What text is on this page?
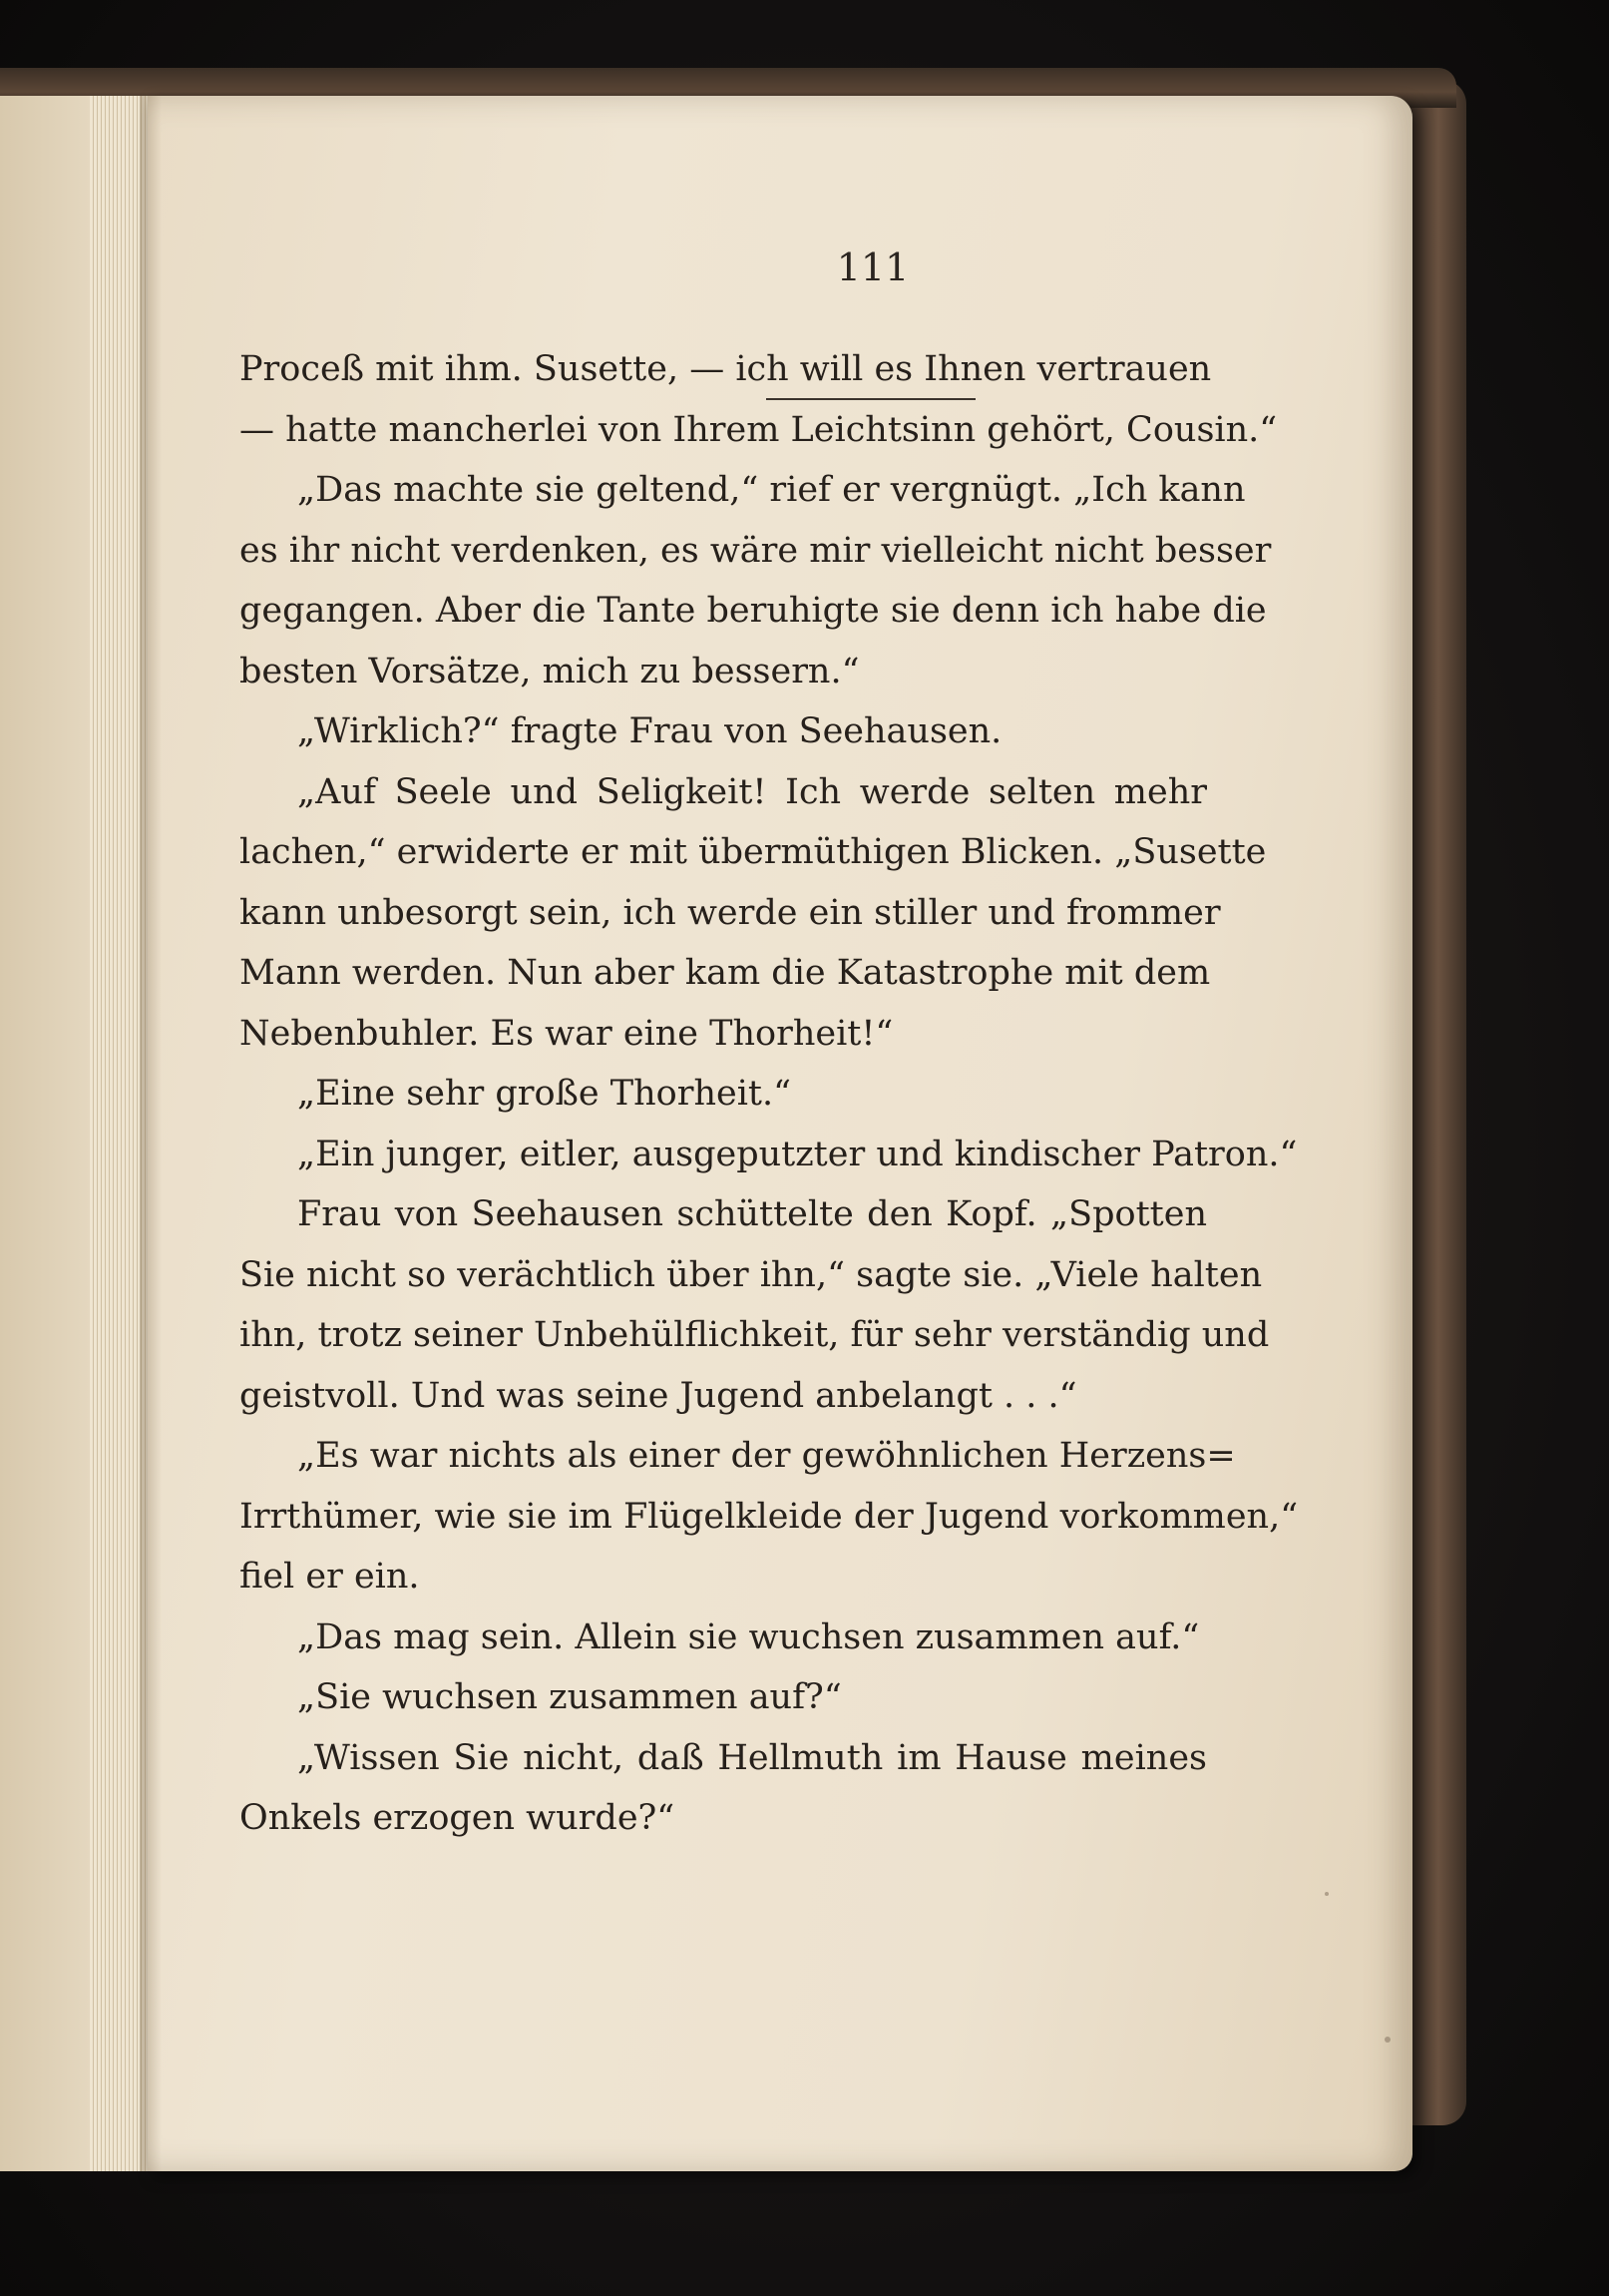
111
Proceß mit ihm. Susette, — ich will es Ihnen vertrauen
— hatte mancherlei von Ihrem Leichtsinn gehört, Cousin.“
„Das machte sie geltend,“ rief er vergnügt. „Ich kann
es ihr nicht verdenken, es wäre mir vielleicht nicht besser
gegangen. Aber die Tante beruhigte sie denn ich habe die
besten Vorsätze, mich zu bessern.“
„Wirklich?“ fragte Frau von Seehausen.
„Auf Seele und Seligkeit! Ich werde selten mehr
lachen,“ erwiderte er mit übermüthigen Blicken. „Susette
kann unbesorgt sein, ich werde ein stiller und frommer
Mann werden. Nun aber kam die Katastrophe mit dem
Nebenbuhler. Es war eine Thorheit!“
„Eine sehr große Thorheit.“
„Ein junger, eitler, ausgeputzter und kindischer Patron.“
Frau von Seehausen schüttelte den Kopf. „Spotten
Sie nicht so verächtlich über ihn,“ sagte sie. „Viele halten
ihn, trotz seiner Unbehülflichkeit, für sehr verständig und
geistvoll. Und was seine Jugend anbelangt . . .“
„Es war nichts als einer der gewöhnlichen Herzens=
Irrthümer, wie sie im Flügelkleide der Jugend vorkommen,“
fiel er ein.
„Das mag sein. Allein sie wuchsen zusammen auf.“
„Sie wuchsen zusammen auf?“
„Wissen Sie nicht, daß Hellmuth im Hause meines
Onkels erzogen wurde?“
